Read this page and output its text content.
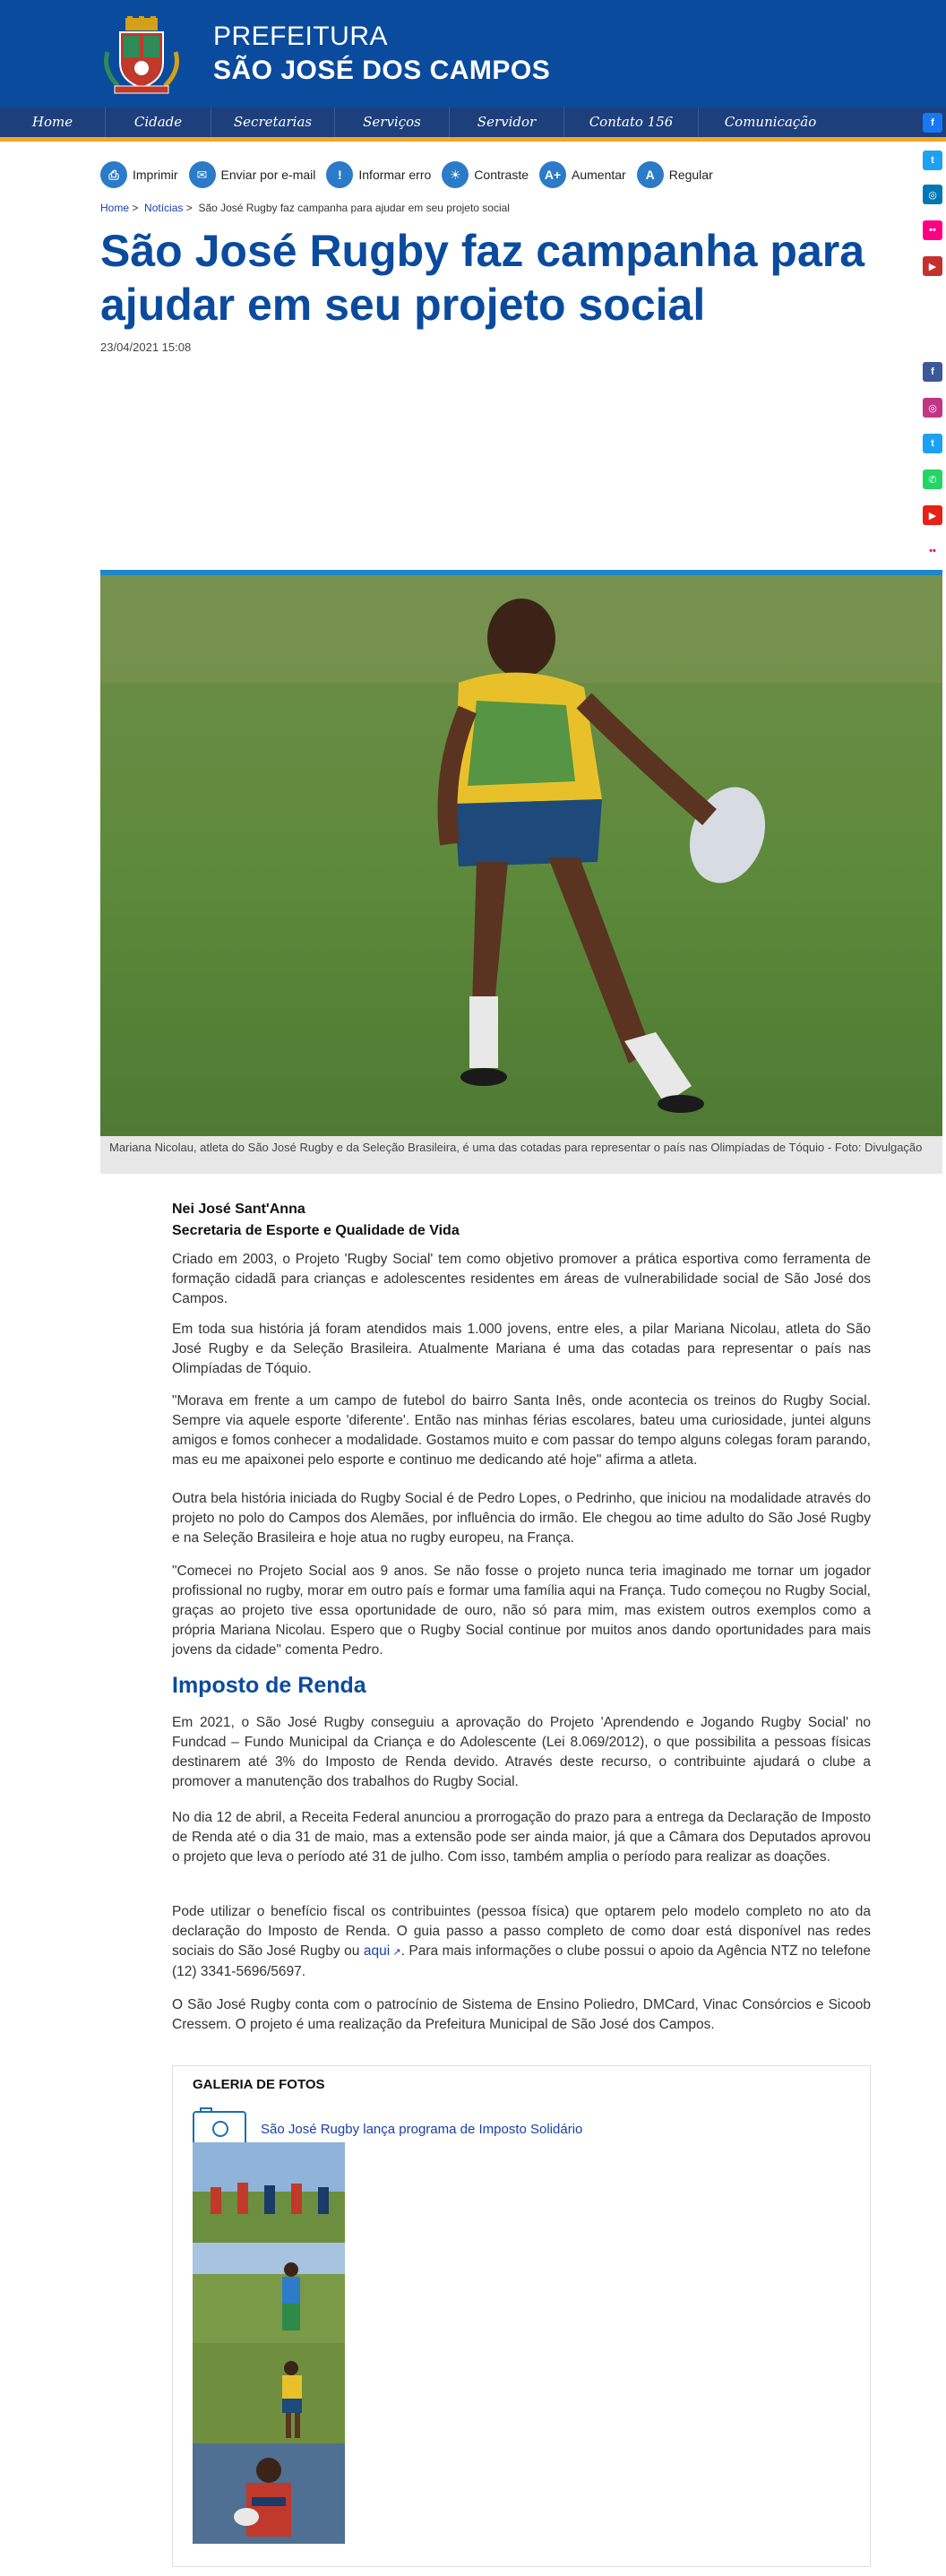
PREFEITURA
SÃO JOSÉ DOS CAMPOS
Home	Cidade	Secretarias	Serviços	Servidor	Contato 156	Comunicação	f
t
◎
••
▶
f
◎
t
✆
▶
••
⎙	Imprimir	✉	Enviar por e-mail	!	Informar erro	☀	Contraste	A+ Aumentar	A	Regular
Home > Notícias > São José Rugby faz campanha para ajudar em seu projeto social
São José Rugby faz campanha para ajudar em seu projeto social
23/04/2021 15:08
Mariana Nicolau, atleta do São José Rugby e da Seleção Brasileira, é uma das cotadas para representar o país nas Olimpíadas de Tóquio - Foto: Divulgação
Nei José Sant'Anna
Secretaria de Esporte e Qualidade de Vida

Criado em 2003, o Projeto 'Rugby Social' tem como objetivo promover a prática esportiva como ferramenta de formação cidadã para crianças e adolescentes residentes em áreas de vulnerabilidade social de São José dos Campos.

Em toda sua história já foram atendidos mais 1.000 jovens, entre eles, a pilar Mariana Nicolau, atleta do São José Rugby e da Seleção Brasileira. Atualmente Mariana é uma das cotadas para representar o país nas Olimpíadas de Tóquio.

"Morava em frente a um campo de futebol do bairro Santa Inês, onde acontecia os treinos do Rugby Social. Sempre via aquele esporte 'diferente'. Então nas minhas férias escolares, bateu uma curiosidade, juntei alguns amigos e fomos conhecer a modalidade. Gostamos muito e com passar do tempo alguns colegas foram parando, mas eu me apaixonei pelo esporte e continuo me dedicando até hoje" afirma a atleta.

Outra bela história iniciada do Rugby Social é de Pedro Lopes, o Pedrinho, que iniciou na modalidade através do projeto no polo do Campos dos Alemães, por influência do irmão. Ele chegou ao time adulto do São José Rugby e na Seleção Brasileira e hoje atua no rugby europeu, na França.

"Comecei no Projeto Social aos 9 anos. Se não fosse o projeto nunca teria imaginado me tornar um jogador profissional no rugby, morar em outro país e formar uma família aqui na França. Tudo começou no Rugby Social, graças ao projeto tive essa oportunidade de ouro, não só para mim, mas existem outros exemplos como a própria Mariana Nicolau. Espero que o Rugby Social continue por muitos anos dando oportunidades para mais jovens da cidade" comenta Pedro.

Imposto de Renda

Em 2021, o São José Rugby conseguiu a aprovação do Projeto 'Aprendendo e Jogando Rugby Social' no Fundcad – Fundo Municipal da Criança e do Adolescente (Lei 8.069/2012), o que possibilita a pessoas físicas destinarem até 3% do Imposto de Renda devido. Através deste recurso, o contribuinte ajudará o clube a promover a manutenção dos trabalhos do Rugby Social.

No dia 12 de abril, a Receita Federal anunciou a prorrogação do prazo para a entrega da Declaração de Imposto de Renda até o dia 31 de maio, mas a extensão pode ser ainda maior, já que a Câmara dos Deputados aprovou o projeto que leva o período até 31 de julho. Com isso, também amplia o período para realizar as doações.

Pode utilizar o benefício fiscal os contribuintes (pessoa física) que optarem pelo modelo completo no ato da declaração do Imposto de Renda. O guia passo a passo completo de como doar está disponível nas redes sociais do São José Rugby ou aqui ↗. Para mais informações o clube possui o apoio da Agência NTZ no telefone (12) 3341-5696/5697.

O São José Rugby conta com o patrocínio de Sistema de Ensino Poliedro, DMCard, Vinac Consórcios e Sicoob Cressem. O projeto é uma realização da Prefeitura Municipal de São José dos Campos.

GALERIA DE FOTOS
São José Rugby lança programa de Imposto Solidário
